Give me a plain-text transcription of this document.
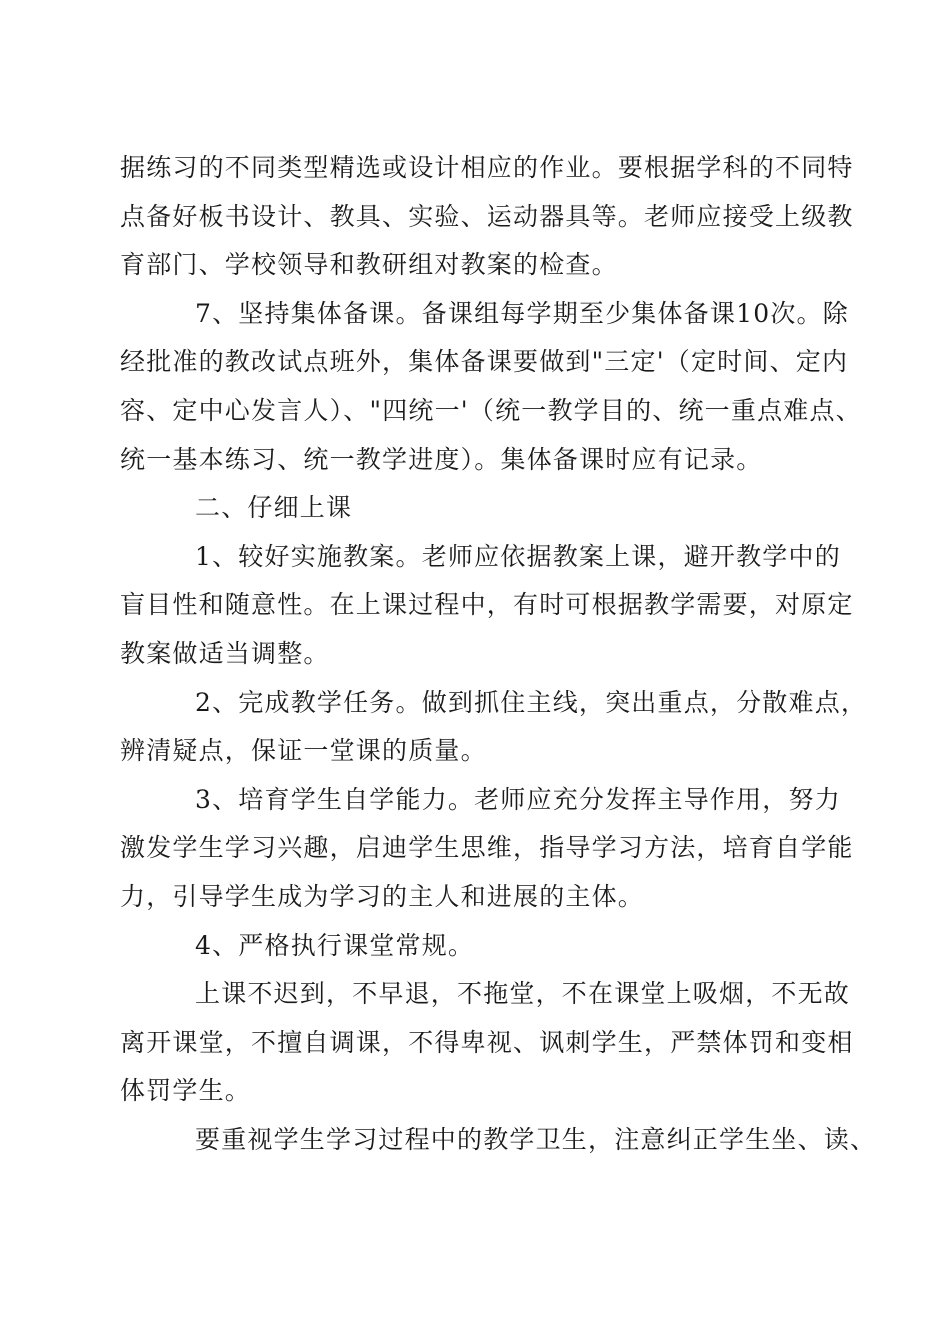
据练习的不同类型精选或设计相应的作业。要根据学科的不同特
点备好板书设计、教具、实验、运动器具等。老师应接受上级教
育部门、学校领导和教研组对教案的检查。
7、坚持集体备课。备课组每学期至少集体备课10次。除
经批准的教改试点班外，集体备课要做到"三定'（定时间、定内
容、定中心发言人）、"四统一'（统一教学目的、统一重点难点、
统一基本练习、统一教学进度）。集体备课时应有记录。
二、仔细上课
1、较好实施教案。老师应依据教案上课，避开教学中的
盲目性和随意性。在上课过程中，有时可根据教学需要，对原定
教案做适当调整。
2、完成教学任务。做到抓住主线，突出重点，分散难点，
辨清疑点，保证一堂课的质量。
3、培育学生自学能力。老师应充分发挥主导作用，努力
激发学生学习兴趣，启迪学生思维，指导学习方法，培育自学能
力，引导学生成为学习的主人和进展的主体。
4、严格执行课堂常规。
上课不迟到，不早退，不拖堂，不在课堂上吸烟，不无故
离开课堂，不擅自调课，不得卑视、讽刺学生，严禁体罚和变相
体罚学生。
要重视学生学习过程中的教学卫生，注意纠正学生坐、读、
